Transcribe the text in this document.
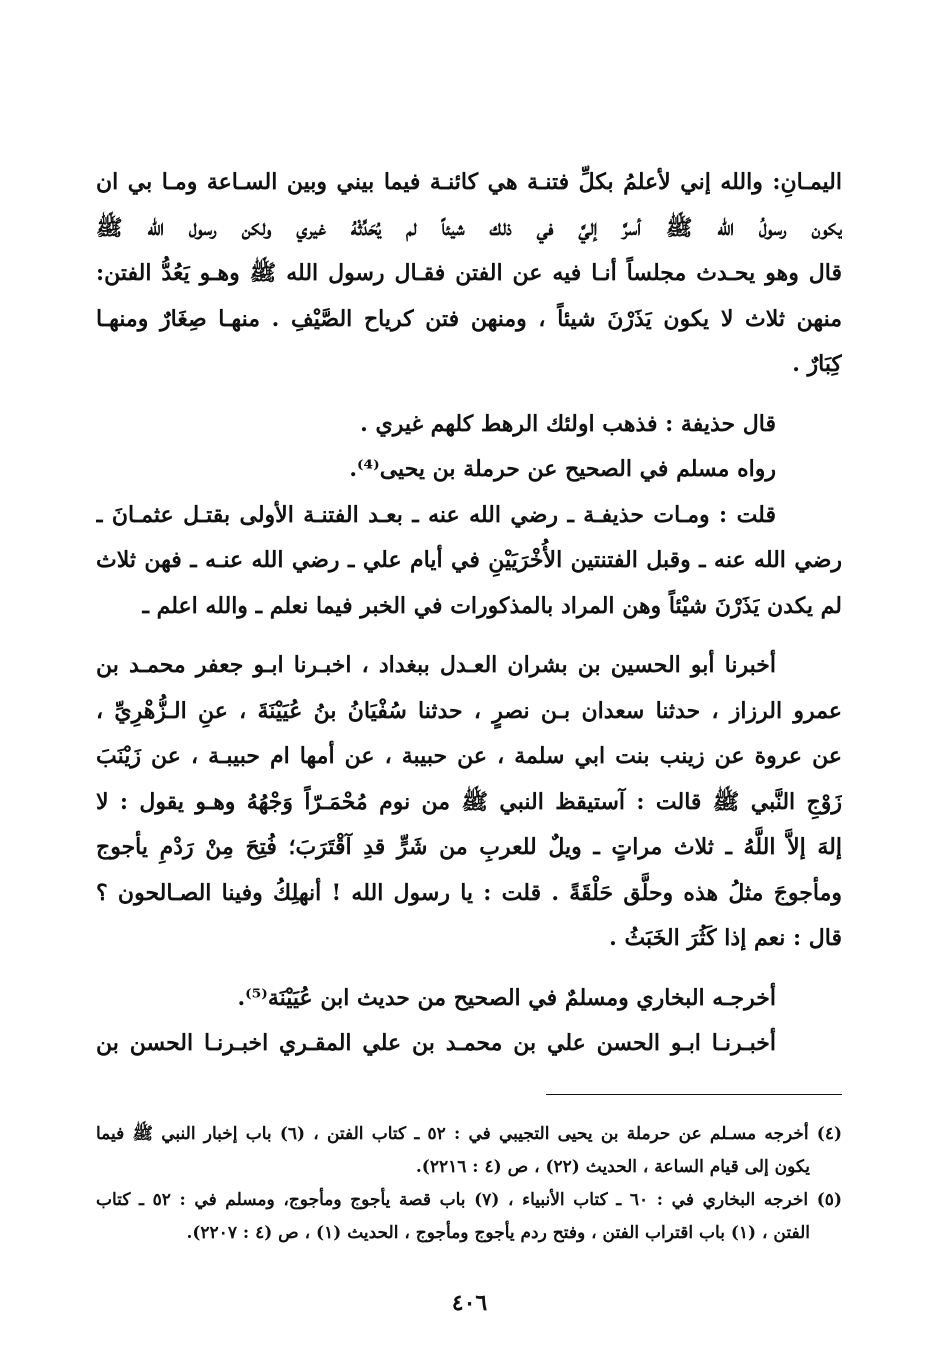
اليمـانِ: والله إني لأعلمُ بكلِّ فتنـة هي كائنـة فيما بيني وبين السـاعة ومـا بي ان
يكون رسولُ الله ﷺ أسرَّ إليَّ في ذلك شيئاً لم يُحَدِّثْهُ غيري ولكن رسول الله ﷺ
قال وهو يحـدث مجلساً أنـا فيه عن الفتن فقـال رسول الله ﷺ وهـو يَعُدُّ الفتن:
منهن ثلاث لا يكون يَذَرْنَ شيئاً ، ومنهن فتن كرياح الصَّيْفِ . منهـا صِغَارٌ ومنهـا
كِبَارٌ .
قال حذيفة : فذهب اولئك الرهط كلهم غيري .
رواه مسلم في الصحيح عن حرملة بن يحيى⁽⁴⁾.
قلت : ومـات حذيفـة ـ رضي الله عنه ـ بعـد الفتنـة الأولى بقتـل عثمـانَ ـ
رضي الله عنه ـ وقبل الفتنتين الأُخْرَيَيْنِ في أيام علي ـ رضي الله عنـه ـ فهن ثلاث
لم يكدن يَذَرْنَ شيْئاً وهن المراد بالمذكورات في الخبر فيما نعلم ـ والله اعلم ـ
أخبرنا أبو الحسين بن بشران العـدل ببغداد ، اخبـرنا ابـو جعفر محمـد بن
عمرو الرزاز ، حدثنا سعدان بـن نصرٍ ، حدثنا سُفْيَانُ بنُ عُيَيْنَةَ ، عنِ الـزُّهْرِيِّ ،
عن عروة عن زينب بنت ابي سلمة ، عن حبيبة ، عن أمها ام حبيبـة ، عن زَيْنَبَ
زَوْجِ النَّبي ﷺ قالت : آستيقظ النبي ﷺ من نوم مُحْمَـرّاً وَجْهُهُ وهـو يقول : لا
إلهَ إلاَّ اللَّهُ ـ ثلاث مراتٍ ـ ويلٌ للعربِ من شَرٍّ قدِ آقْتَرَبَ؛ فُتِحَ مِنْ رَدْمِ يأجوج
ومأجوجَ مثلُ هذه وحلَّق حَلْقَةً . قلت : يا رسول الله ! أنهلِكُ وفينا الصـالحون ؟
قال : نعم إذا كَثُرَ الخَبَثُ .
أخرجـه البخاري ومسلمٌ في الصحيح من حديث ابن عُيَيْنَة⁽⁵⁾.
أخبـرنـا ابـو الحسن علي بن محمـد بن علي المقـري اخبـرنـا الحسن بن
(٤) أخرجه مسـلم عن حرملة بن يحيى التجيبي في : ٥٢ ـ كتاب الفتن ، (٦) باب إخبار النبي ﷺ فيما
يكون إلى قيام الساعة ، الحديث (٢٢) ، ص (٤ : ٢٢١٦).
(٥) اخرجه البخاري في : ٦٠ ـ كتاب الأنبياء ، (٧) باب قصة يأجوج ومأجوج، ومسلم في : ٥٢ ـ كتاب
الفتن ، (١) باب اقتراب الفتن ، وفتح ردم يأجوج ومأجوج ، الحديث (١) ، ص (٤ : ٢٢٠٧).
٤٠٦
